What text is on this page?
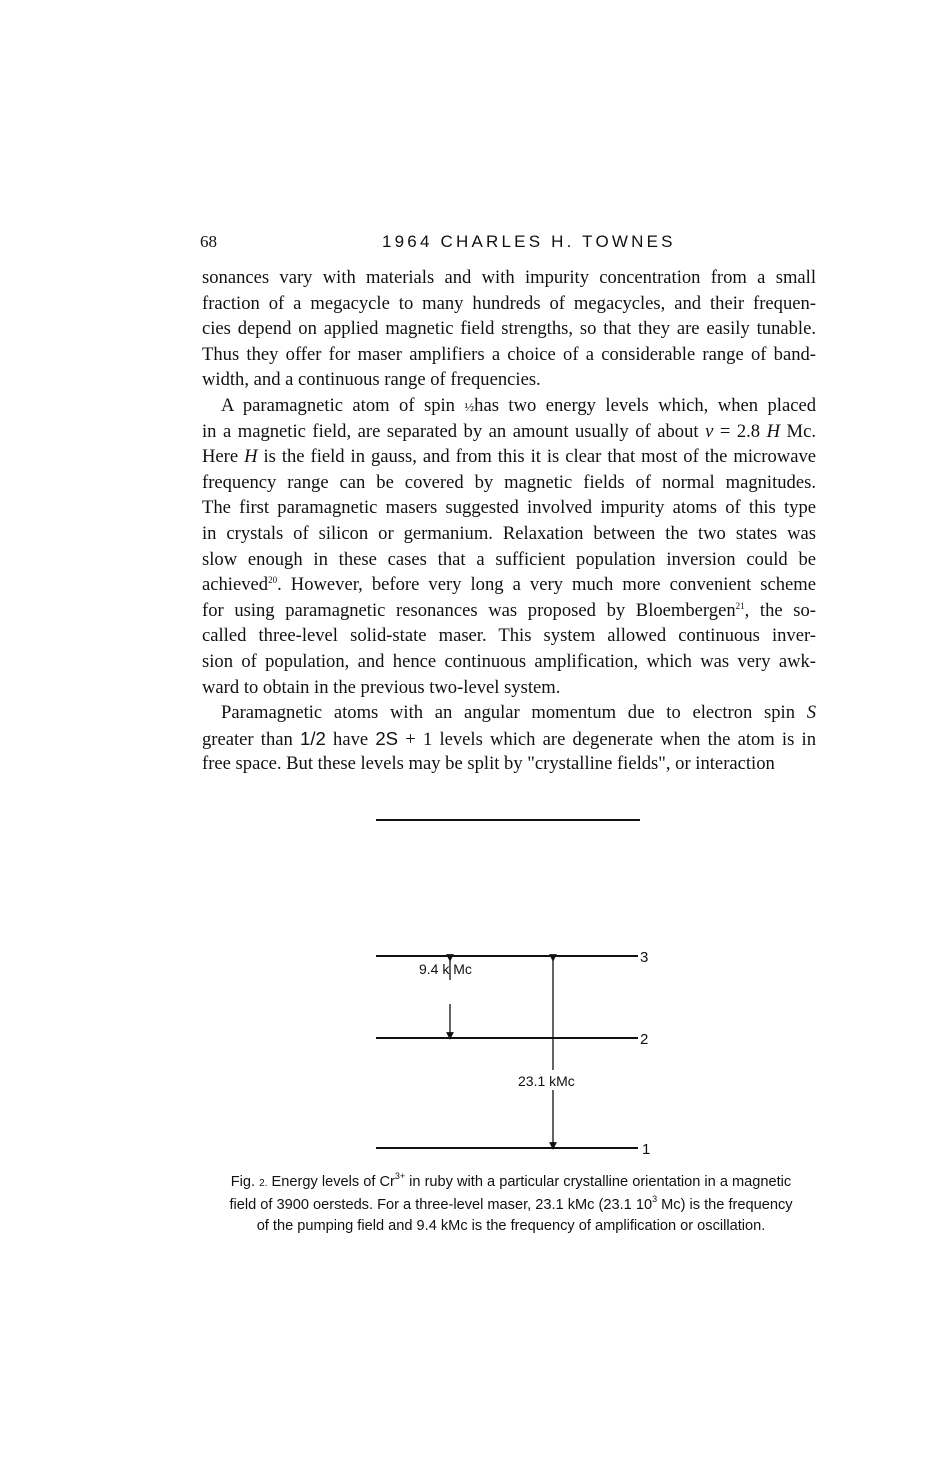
68	1964 CHARLES H. TOWNES
sonances vary with materials and with impurity concentration from a small
fraction of a megacycle to many hundreds of megacycles, and their frequen-
cies depend on applied magnetic field strengths, so that they are easily tunable.
Thus they offer for maser amplifiers a choice of a considerable range of band-
width, and a continuous range of frequencies.
A paramagnetic atom of spin ½has two energy levels which, when placed
in a magnetic field, are separated by an amount usually of about ν = 2.8 H Mc.
Here H is the field in gauss, and from this it is clear that most of the microwave
frequency range can be covered by magnetic fields of normal magnitudes.
The first paramagnetic masers suggested involved impurity atoms of this type
in crystals of silicon or germanium. Relaxation between the two states was
slow enough in these cases that a sufficient population inversion could be
achieved$^{20}$. However, before very long a very much more convenient scheme
for using paramagnetic resonances was proposed by Bloembergen$^{21}$, the so-
called three-level solid-state maser. This system allowed continuous inver-
sion of population, and hence continuous amplification, which was very awk-
ward to obtain in the previous two-level system.
Paramagnetic atoms with an angular momentum due to electron spin S
greater than 1/2 have 2S + 1 levels which are degenerate when the atom is in
free space. But these levels may be split by "crystalline fields", or interaction
9.4 k Mc
23.1 kMc
3
2
1
Fig. 2. Energy levels of $Cr^{3+}$ in ruby with a particular crystalline orientation in a magnetic
field of 3900 oersteds. For a three-level maser, 23.1 kMc (23.1 $10^3$ Mc) is the frequency
of the pumping field and 9.4 kMc is the frequency of amplification or oscillation.
